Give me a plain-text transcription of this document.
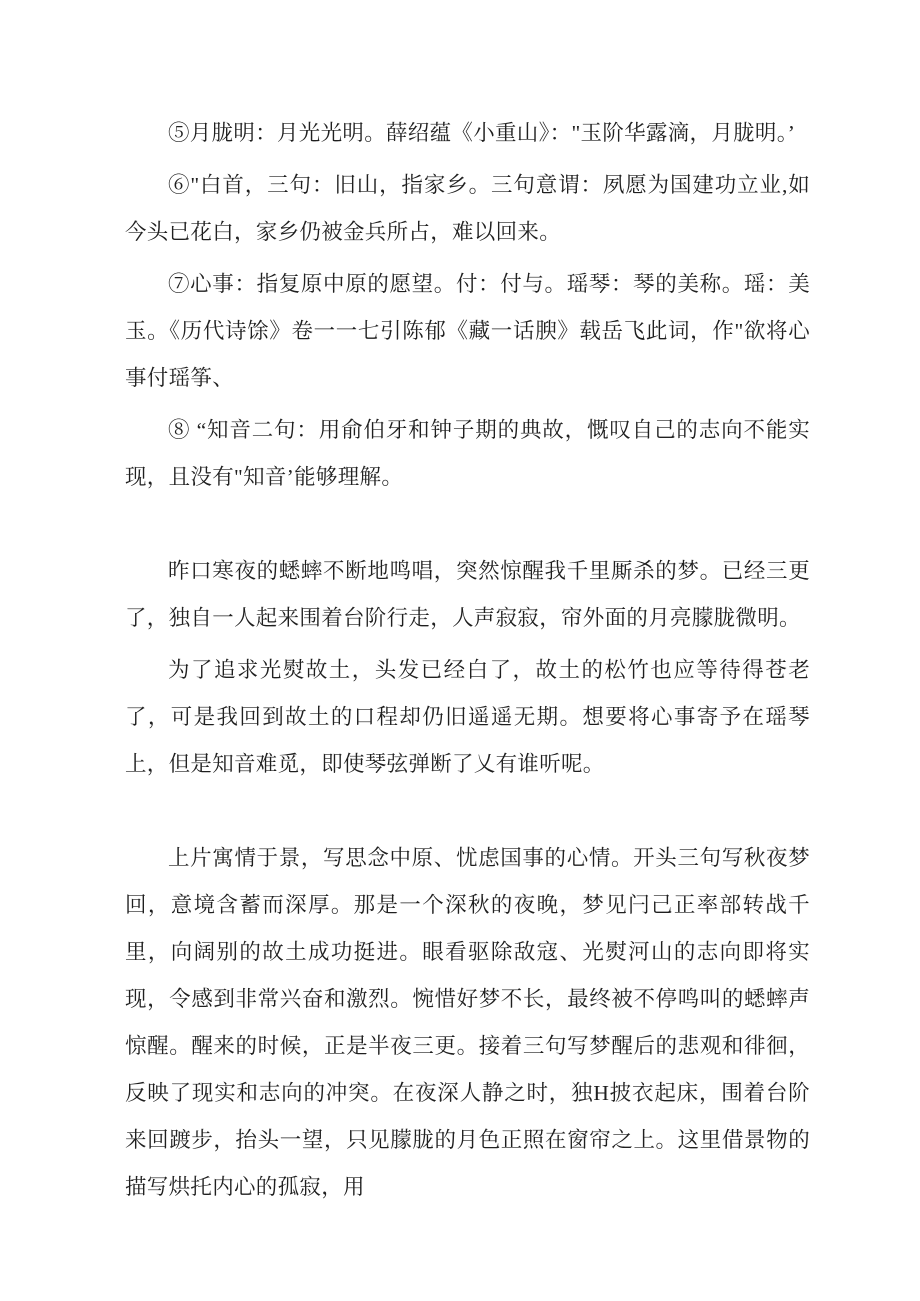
⑤月胧明：月光光明。薛绍蕴《小重山》："玉阶华露滴，月胧明。’

⑥"白首，三句：旧山，指家乡。三句意谓：夙愿为国建功立业,如今头已花白，家乡仍被金兵所占，难以回来。

⑦心事：指复原中原的愿望。付：付与。瑶琴：琴的美称。瑶：美玉。《历代诗馀》卷一一七引陈郁《藏一话腴》载岳飞此词，作"欲将心事付瑶筝、

⑧ “知音二句：用俞伯牙和钟子期的典故，慨叹自己的志向不能实现，且没有"知音’能够理解。

昨口寒夜的蟋蟀不断地鸣唱，突然惊醒我千里厮杀的梦。已经三更了，独自一人起来围着台阶行走，人声寂寂，帘外面的月亮朦胧微明。

为了追求光熨故土，头发已经白了，故土的松竹也应等待得苍老了，可是我回到故土的口程却仍旧遥遥无期。想要将心事寄予在瑶琴上，但是知音难觅，即使琴弦弹断了乂有谁听呢。

上片寓情于景，写思念中原、忧虑国事的心情。开头三句写秋夜梦回，意境含蓄而深厚。那是一个深秋的夜晚，梦见闩己正率部转战千里，向阔别的故土成功挺进。眼看驱除敌寇、光熨河山的志向即将实现，令感到非常兴奋和激烈。惋惜好梦不长，最终被不停鸣叫的蟋蟀声惊醒。醒来的时候，正是半夜三更。接着三句写梦醒后的悲观和徘徊，反映了现实和志向的冲突。在夜深人静之时，独H披衣起床，围着台阶来回踱步，抬头一望，只见朦胧的月色正照在窗帘之上。这里借景物的描写烘托内心的孤寂，用
